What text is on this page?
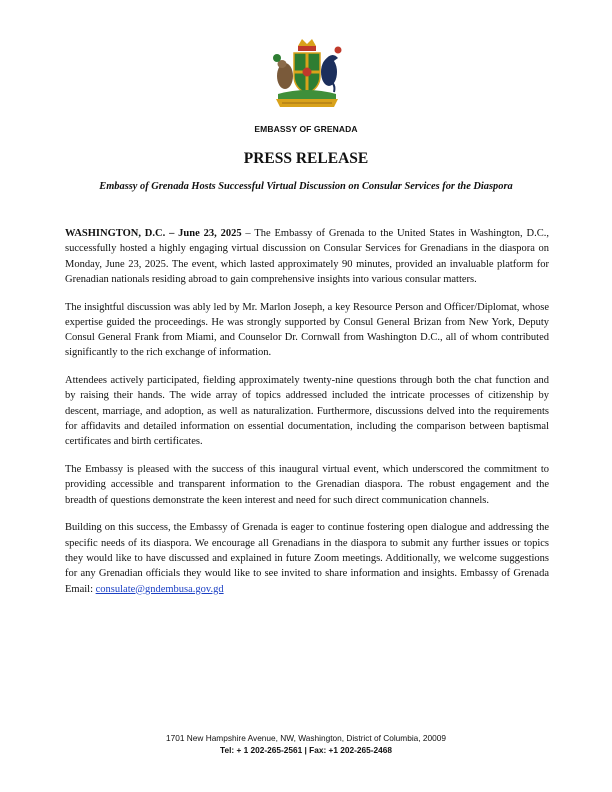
EMBASSY OF GRENADA
PRESS RELEASE
Embassy of Grenada Hosts Successful Virtual Discussion on Consular Services for the Diaspora

WASHINGTON, D.C. – June 23, 2025 – The Embassy of Grenada to the United States in Washington, D.C., successfully hosted a highly engaging virtual discussion on Consular Services for Grenadians in the diaspora on Monday, June 23, 2025. The event, which lasted approximately 90 minutes, provided an invaluable platform for Grenadian nationals residing abroad to gain comprehensive insights into various consular matters.

The insightful discussion was ably led by Mr. Marlon Joseph, a key Resource Person and Officer/Diplomat, whose expertise guided the proceedings. He was strongly supported by Consul General Brizan from New York, Deputy Consul General Frank from Miami, and Counselor Dr. Cornwall from Washington D.C., all of whom contributed significantly to the rich exchange of information.

Attendees actively participated, fielding approximately twenty-nine questions through both the chat function and by raising their hands. The wide array of topics addressed included the intricate processes of citizenship by descent, marriage, and adoption, as well as naturalization. Furthermore, discussions delved into the requirements for affidavits and detailed information on essential documentation, including the comparison between baptismal certificates and birth certificates.

The Embassy is pleased with the success of this inaugural virtual event, which underscored the commitment to providing accessible and transparent information to the Grenadian diaspora. The robust engagement and the breadth of questions demonstrate the keen interest and need for such direct communication channels.

Building on this success, the Embassy of Grenada is eager to continue fostering open dialogue and addressing the specific needs of its diaspora. We encourage all Grenadians in the diaspora to submit any further issues or topics they would like to have discussed and explained in future Zoom meetings. Additionally, we welcome suggestions for any Grenadian officials they would like to see invited to share information and insights. Embassy of Grenada Email: consulate@gndembusa.gov.gd

1701 New Hampshire Avenue, NW, Washington, District of Columbia, 20009
Tel: + 1 202-265-2561 | Fax: +1 202-265-2468
